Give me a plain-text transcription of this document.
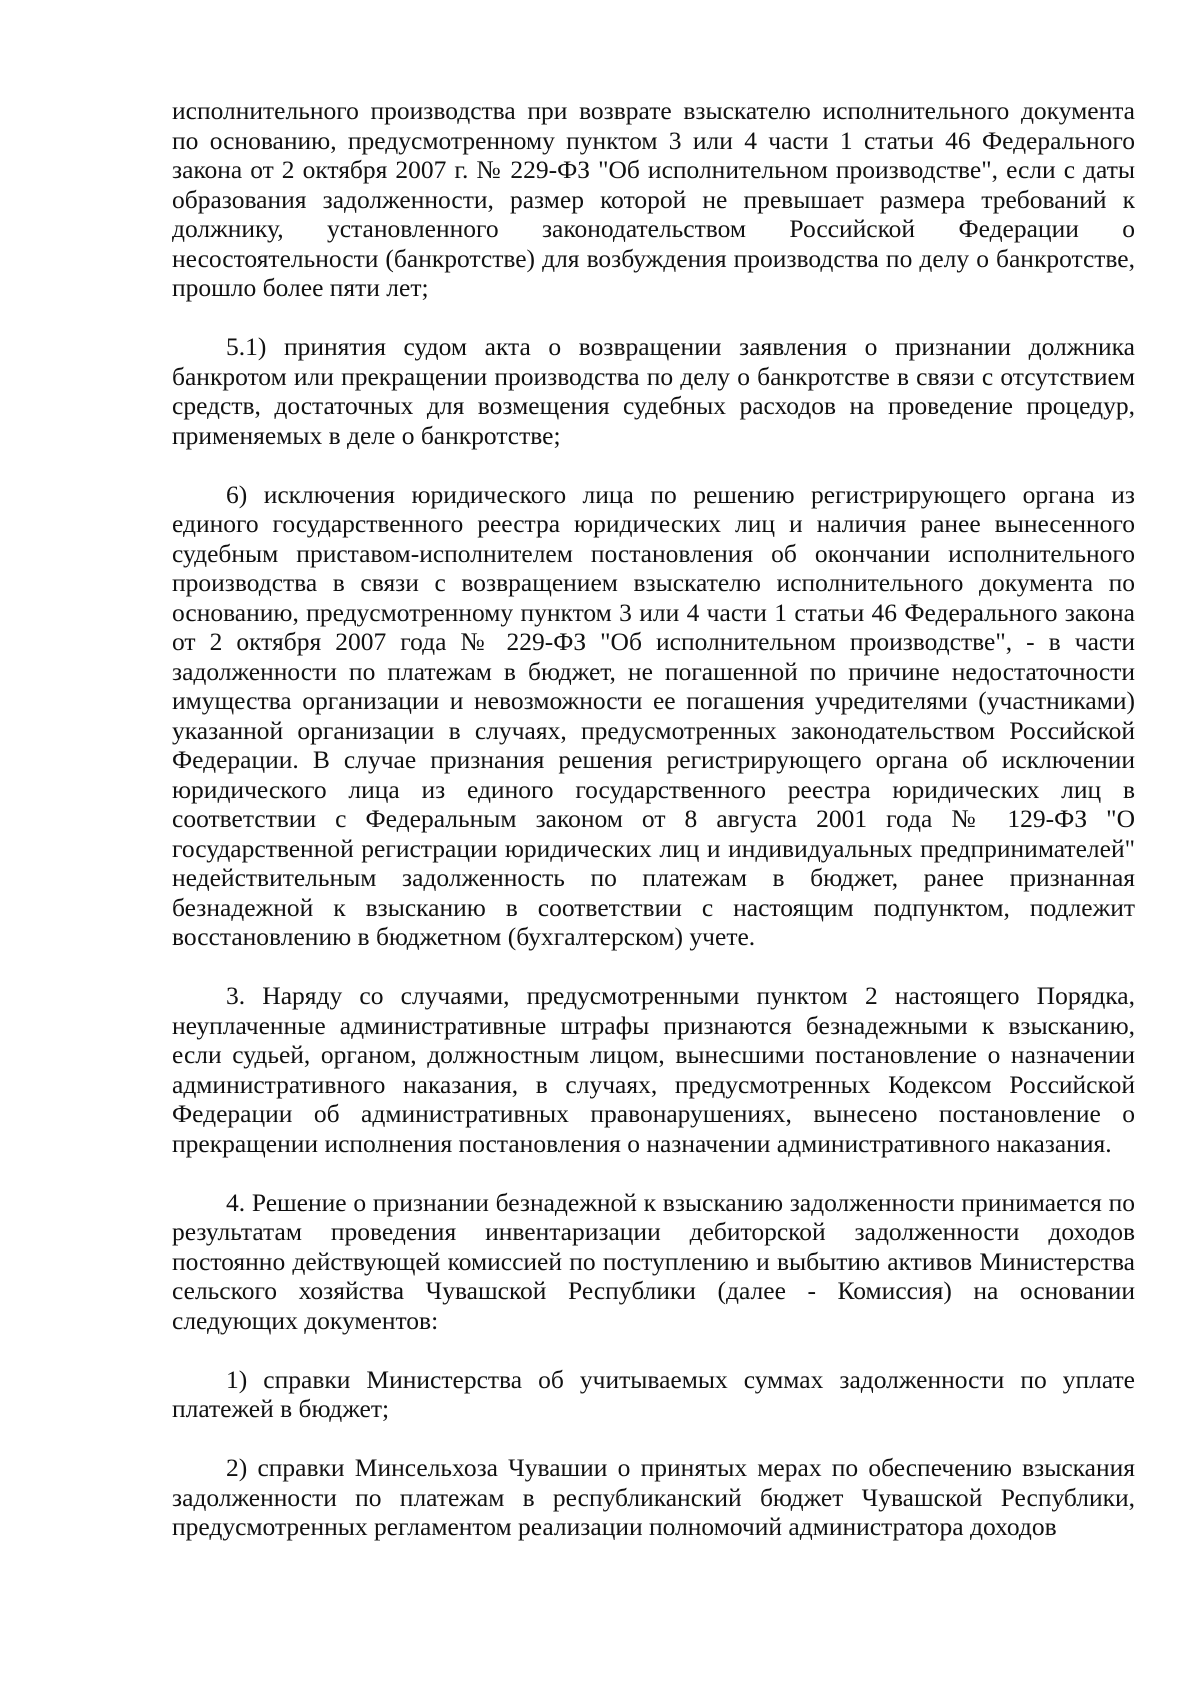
исполнительного производства при возврате взыскателю исполнительного документа по основанию, предусмотренному пунктом 3 или 4 части 1 статьи 46 Федерального закона от 2 октября 2007 г. № 229-ФЗ "Об исполнительном производстве", если с даты образования задолженности, размер которой не превышает размера требований к должнику, установленного законодательством Российской Федерации о несостоятельности (банкротстве) для возбуждения производства по делу о банкротстве, прошло более пяти лет;

5.1) принятия судом акта о возвращении заявления о признании должника банкротом или прекращении производства по делу о банкротстве в связи с отсутствием средств, достаточных для возмещения судебных расходов на проведение процедур, применяемых в деле о банкротстве;

6) исключения юридического лица по решению регистрирующего органа из единого государственного реестра юридических лиц и наличия ранее вынесенного судебным приставом-исполнителем постановления об окончании исполнительного производства в связи с возвращением взыскателю исполнительного документа по основанию, предусмотренному пунктом 3 или 4 части 1 статьи 46 Федерального закона от 2 октября 2007 года № 229-ФЗ "Об исполнительном производстве", - в части задолженности по платежам в бюджет, не погашенной по причине недостаточности имущества организации и невозможности ее погашения учредителями (участниками) указанной организации в случаях, предусмотренных законодательством Российской Федерации. В случае признания решения регистрирующего органа об исключении юридического лица из единого государственного реестра юридических лиц в соответствии с Федеральным законом от 8 августа 2001 года № 129-ФЗ "О государственной регистрации юридических лиц и индивидуальных предпринимателей" недействительным задолженность по платежам в бюджет, ранее признанная безнадежной к взысканию в соответствии с настоящим подпунктом, подлежит восстановлению в бюджетном (бухгалтерском) учете.

3. Наряду со случаями, предусмотренными пунктом 2 настоящего Порядка, неуплаченные административные штрафы признаются безнадежными к взысканию, если судьей, органом, должностным лицом, вынесшими постановление о назначении административного наказания, в случаях, предусмотренных Кодексом Российской Федерации об административных правонарушениях, вынесено постановление о прекращении исполнения постановления о назначении административного наказания.

4. Решение о признании безнадежной к взысканию задолженности принимается по результатам проведения инвентаризации дебиторской задолженности доходов постоянно действующей комиссией по поступлению и выбытию активов Министерства сельского хозяйства Чувашской Республики (далее - Комиссия) на основании следующих документов:

1) справки Министерства об учитываемых суммах задолженности по уплате платежей в бюджет;

2) справки Минсельхоза Чувашии о принятых мерах по обеспечению взыскания задолженности по платежам в республиканский бюджет Чувашской Республики, предусмотренных регламентом реализации полномочий администратора доходов
